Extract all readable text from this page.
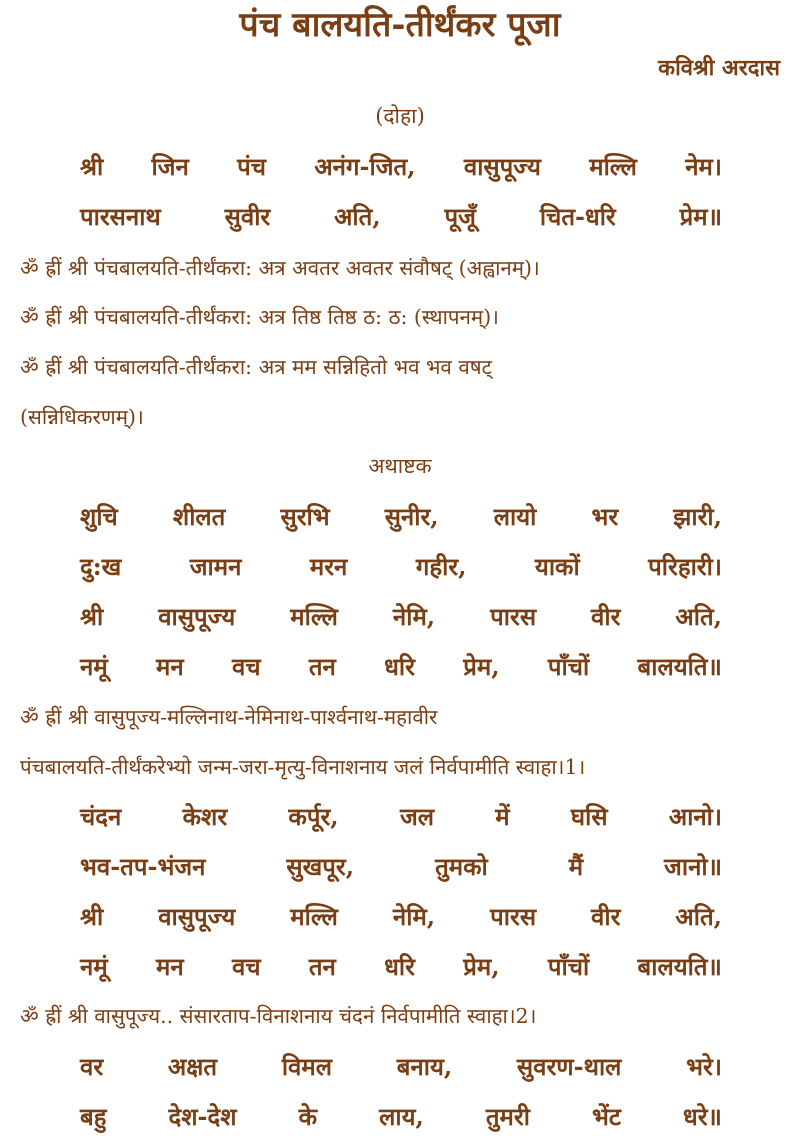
पंच बालयति-तीर्थंकर पूजा
कविश्री अरदास
(दोहा)
श्री जिन पंच अनंग-जित, वासुपूज्य मल्लि नेम।
पारसनाथ	सुवीर	अति,	पूजूँ	चित-धरि	प्रेम॥
ॐ ह्रीं श्री पंचबालयति-तीर्थंकरा: अत्र अवतर अवतर संवौषट् (अह्वानम्)।
ॐ ह्रीं श्री पंचबालयति-तीर्थंकरा: अत्र तिष्ठ तिष्ठ ठ: ठ: (स्थापनम्)।
ॐ ह्रीं श्री पंचबालयति-तीर्थंकरा: अत्र मम सन्निहितो भव भव वषट्
(सन्निधिकरणम्)।
अथाष्टक
शुचि शीलत सुरभि सुनीर, लायो भर झारी,
दु:ख	जामन	मरन	गहीर,	याकों	परिहारी।
श्री वासुपूज्य मल्लि नेमि, पारस वीर अति,
नमूं मन वच तन धरि प्रेम, पाँचों बालयति॥
ॐ ह्रीं श्री वासुपूज्य-मल्लिनाथ-नेमिनाथ-पार्श्वनाथ-महावीर
पंचबालयति-तीर्थंकरेभ्यो जन्म-जरा-मृत्यु-विनाशनाय जलं निर्वपामीति स्वाहा।1।
चंदन	केशर	कर्पूर,	जल	में	घसि	आनो।
भव-तप-भंजन	सुखपूर,	तुमको	मैं	जानो॥
श्री वासुपूज्य मल्लि नेमि, पारस वीर अति,
नमूं मन वच तन धरि प्रेम, पाँचों बालयति॥
ॐ ह्रीं श्री वासुपूज्य.. संसारताप-विनाशनाय चंदनं निर्वपामीति स्वाहा।2।
वर	अक्षत	विमल	बनाय,	सुवरण-थाल	भरे।
बहु	देश-देश	के	लाय,	तुमरी	भेंट	धरे॥
